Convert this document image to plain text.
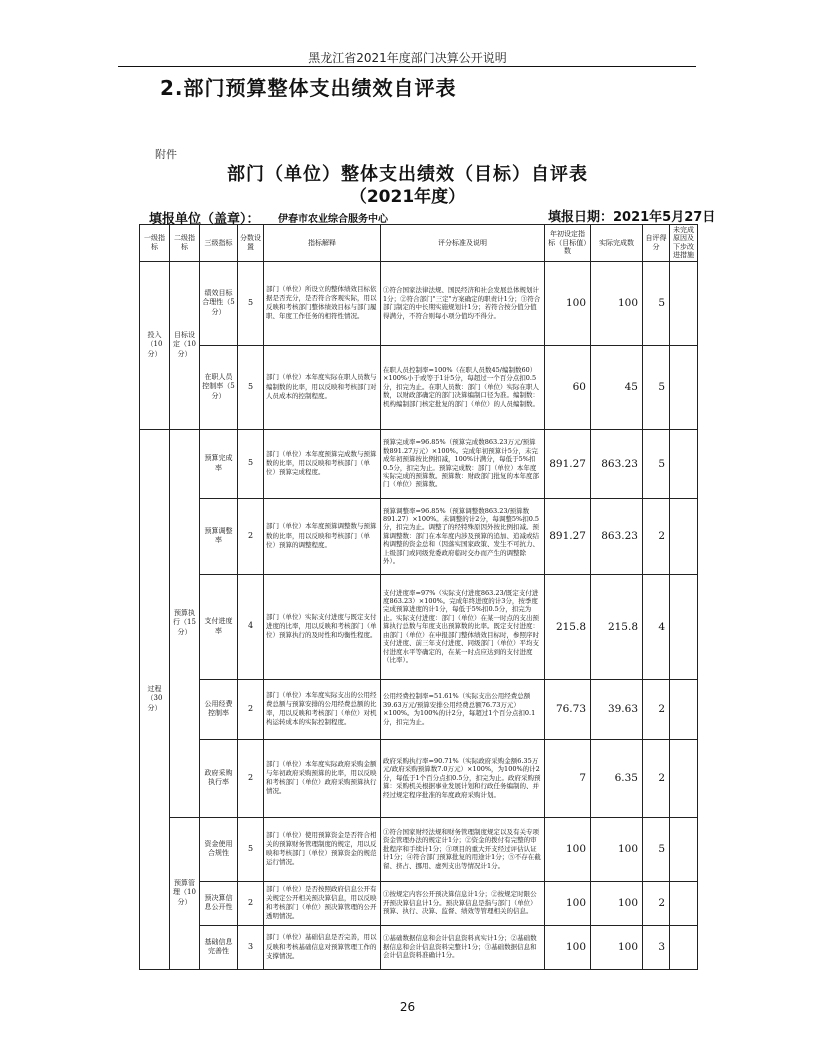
黑龙江省2021年度部门决算公开说明
2.部门预算整体支出绩效自评表
附件
部门（单位）整体支出绩效（目标）自评表
（2021年度）
填报单位（盖章）： 伊春市农业综合服务中心	填报日期：2021年5月27日
一级指标	二级指标	三级指标	分数设置	指标解释	评分标准及说明	年初设定指标（目标值）数	实际完成数	自评得分	未完成原因及下步改进措施
投入（10分）	目标设定（10分）	绩效目标合理性（5分）	5	部门（单位）所设立的整体绩效目标依据是否充分，是否符合客观实际，用以反映和考核部门整体绩效目标与部门履职、年度工作任务的相符性情况。	①符合国家法律法规、国民经济和社会发展总体规划计1分；②符合部门"三定"方案确定的职责计1分；③符合部门制定的中长期实施规划计1分；若符合按分值分值得满分，不符合则每小项分值均不得分。	100	100	5	
		在职人员控制率（5分）	5	部门（单位）本年度实际在职人员数与编制数的比率，用以反映和考核部门对人员成本的控制程度。	在职人员控制率=100%（在职人员数45/编制数60）×100%小于或等于1计5分，每超过一个百分点扣0.5分，扣完为止。在职人员数：部门（单位）实际在职人数，以财政部确定的部门决算编制口径为准。编制数：机构编制部门核定批复的部门（单位）的人员编制数。	60	45	5	
过程（30分）	预算执行（15分）	预算完成率	5	部门（单位）本年度预算完成数与预算数的比率，用以反映和考核部门（单位）预算完成程度。	预算完成率=96.85%（预算完成数863.23万元/预算数891.27万元）×100%。完成年初预算计5分，未完成年初预算按比例扣减，100%计满分，每低于5%扣0.5分，扣完为止。预算完成数：部门（单位）本年度实际完成的预算数。预算数：财政部门批复的本年度部门（单位）预算数。	891.27	863.23	5	
		预算调整率	2	部门（单位）本年度预算调整数与预算数的比率，用以反映和考核部门（单位）预算的调整程度。	预算调整率=96.85%（预算调整数863.23/预算数891.27）×100%。未调整的计2分，每调整5%扣0.5分，扣完为止。调整了的经特殊原因外按比例扣减。预算调整数：部门在本年度内涉及预算的追加、追减或结构调整的资金总和（因落实国家政策、发生不可抗力、上级部门或同级党委政府临时交办而产生的调整除外）。	891.27	863.23	2	
		支付进度率	4	部门（单位）实际支付进度与既定支付进度的比率，用以反映和考核部门（单位）预算执行的及时性和均衡性程度。	支付进度率=97%（实际支付进度863.23/既定支付进度863.23）×100%。完成年终进度的计3分，按季度完成预算进度的计1分，每低于5%扣0.5分，扣完为止。实际支付进度：部门（单位）在某一时点的支出预算执行总数与年度支出预算数的比率。既定支付进度：由部门（单位）在申报部门整体绩效目标时，参照序时支付进度、前三年支付进度、同级部门（单位）平均支付进度水平等确定的，在某一时点应达到的支付进度（比率）。	215.8	215.8	4	
		公用经费控制率	2	部门（单位）本年度实际支出的公用经费总额与预算安排的公用经费总额的比率，用以反映和考核部门（单位）对机构运转成本的实际控制程度。	公用经费控制率=51.61%（实际支出公用经费总额39.63万元/预算安排公用经费总额76.73万元）×100%。为100%的计2分，每超过1个百分点扣0.1分，扣完为止。	76.73	39.63	2	
		政府采购执行率	2	部门（单位）本年度实际政府采购金额与年初政府采购预算的比率，用以反映和考核部门（单位）政府采购预算执行情况。	政府采购执行率=90.71%（实际政府采购金额6.35万元/政府采购预算数7.0万元）×100%，为100%的计2分，每低于1个百分点扣0.5分，扣完为止。政府采购预算：采购机关根据事业发展计划和行政任务编制的、并经过规定程序批准的年度政府采购计划。	7	6.35	2	
	预算管理（10分）	资金使用合规性	5	部门（单位）使用预算资金是否符合相关的预算财务管理制度的规定，用以反映和考核部门（单位）预算资金的规范运行情况。	①符合国家财经法规和财务管理制度规定以及有关专项资金管理办法的规定计1分；②资金的拨付有完整的审批程序和手续计1分；③项目的重大开支经过评估认证计1分；④符合部门预算批复的用途计1分；⑤不存在截留、挤占、挪用、虚列支出等情况计1分。	100	100	5	
		预决算信息公开性	2	部门（单位）是否按照政府信息公开有关规定公开相关预决算信息，用以反映和考核部门（单位）预决算管理的公开透明情况。	①按规定内容公开预决算信息计1分；②按规定时限公开预决算信息计1分。预决算信息是指与部门（单位）预算、执行、决算、监督、绩效等管理相关的信息。	100	100	2	
		基础信息完善性	3	部门（单位）基础信息是否完善，用以反映和考核基础信息对预算管理工作的支撑情况。	①基础数据信息和会计信息资料真实计1分；②基础数据信息和会计信息资料完整计1分；③基础数据信息和会计信息资料准确计1分。	100	100	3	
26
